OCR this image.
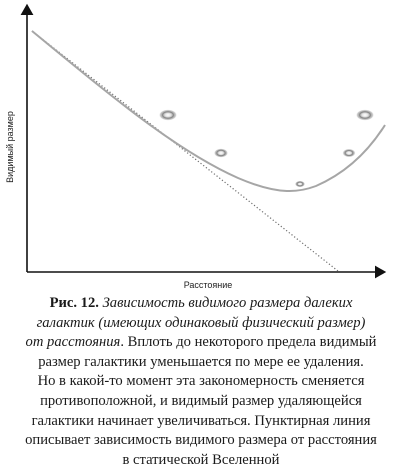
Расстояние
Видимый размер
Рис. 12. Зависимость видимого размера далеких
галактик (имеющих одинаковый физический размер)
от расстояния. Вплоть до некоторого предела видимый
размер галактики уменьшается по мере ее удаления.
Но в какой-то момент эта закономерность сменяется
противоположной, и видимый размер удаляющейся
галактики начинает увеличиваться. Пунктирная линия
описывает зависимость видимого размера от расстояния
в статической Вселенной
